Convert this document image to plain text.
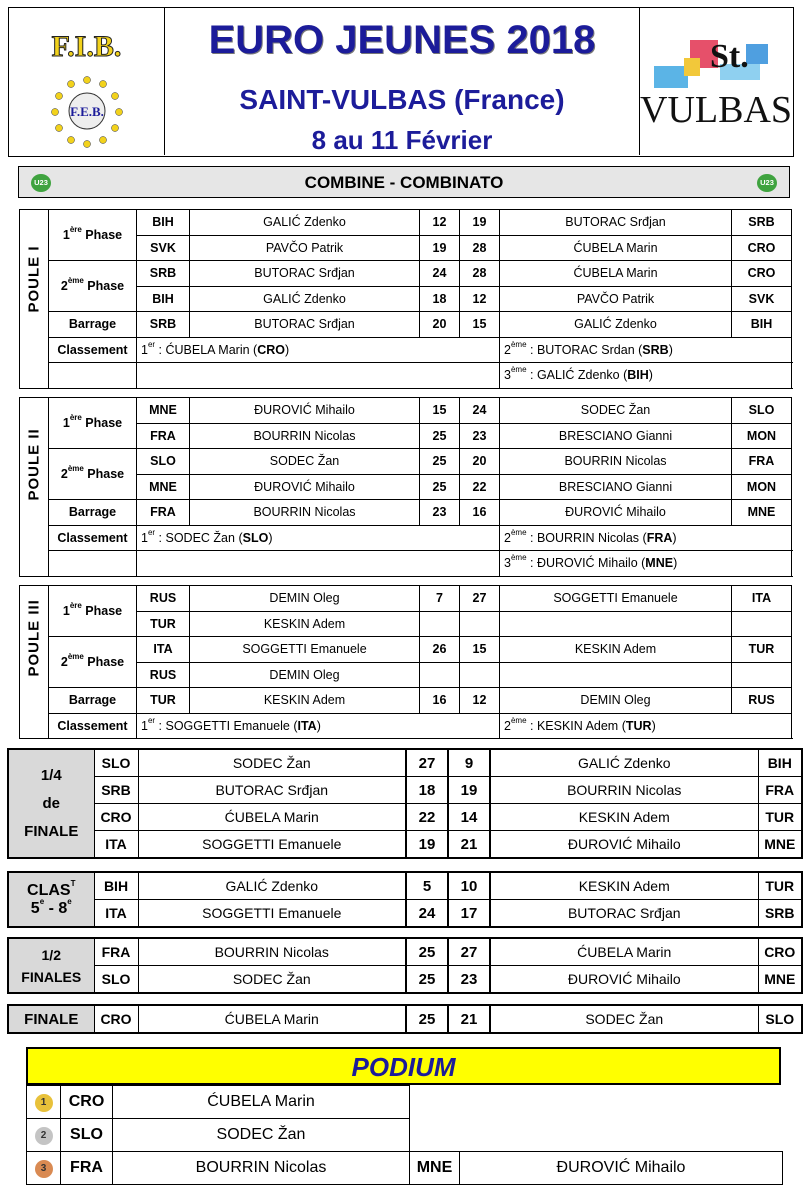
F.I.B.
F.E.B.
EURO JEUNES 2018
SAINT-VULBAS (France)
8 au 11 Février
St.
VULBAS
U23	COMBINE - COMBINATO	U23
POULE I	1ère Phase	BIH	GALIĆ Zdenko	12	19	BUTORAC Srđjan	SRB
		SVK	PAVČO Patrik	19	28	ĆUBELA Marin	CRO
	2ème Phase	SRB	BUTORAC Srđjan	24	28	ĆUBELA Marin	CRO
		BIH	GALIĆ Zdenko	18	12	PAVČO Patrik	SVK
	Barrage	SRB	BUTORAC Srđjan	20	15	GALIĆ Zdenko	BIH
	Classement	1er : ĆUBELA Marin (CRO)				2ème : BUTORAC Srdan (SRB)	
						3ème : GALIĆ Zdenko (BIH)	
POULE II	1ère Phase	MNE	ĐUROVIĆ Mihailo	15	24	SODEC Žan	SLO
		FRA	BOURRIN Nicolas	25	23	BRESCIANO Gianni	MON
	2ème Phase	SLO	SODEC Žan	25	20	BOURRIN Nicolas	FRA
		MNE	ĐUROVIĆ Mihailo	25	22	BRESCIANO Gianni	MON
	Barrage	FRA	BOURRIN Nicolas	23	16	ĐUROVIĆ Mihailo	MNE
	Classement	1er : SODEC Žan (SLO)				2ème : BOURRIN Nicolas (FRA)	
						3ème : ĐUROVIĆ Mihailo (MNE)	
POULE III	1ère Phase	RUS	DEMIN Oleg	7	27	SOGGETTI Emanuele	ITA
		TUR	KESKIN Adem				
	2ème Phase	ITA	SOGGETTI Emanuele	26	15	KESKIN Adem	TUR
		RUS	DEMIN Oleg				
	Barrage	TUR	KESKIN Adem	16	12	DEMIN Oleg	RUS
	Classement	1er : SOGGETTI Emanuele (ITA)				2ème : KESKIN Adem (TUR)	
1/4
de
FINALE	SLO	SODEC Žan	27	9	GALIĆ Zdenko	BIH
	SRB	BUTORAC Srđjan	18	19	BOURRIN Nicolas	FRA
	CRO	ĆUBELA Marin	22	14	KESKIN Adem	TUR
	ITA	SOGGETTI Emanuele	19	21	ĐUROVIĆ Mihailo	MNE
$CLAS^T$
5e - 8e	BIH	GALIĆ Zdenko	5	10	KESKIN Adem	TUR
	ITA	SOGGETTI Emanuele	24	17	BUTORAC Srđjan	SRB
1/2
FINALES	FRA	BOURRIN Nicolas	25	27	ĆUBELA Marin	CRO
	SLO	SODEC Žan	25	23	ĐUROVIĆ Mihailo	MNE
FINALE	CRO	ĆUBELA Marin	25	21	SODEC Žan	SLO
PODIUM
1	CRO	ĆUBELA Marin		
2	SLO	SODEC Žan		
3	FRA	BOURRIN Nicolas	MNE	ĐUROVIĆ Mihailo
